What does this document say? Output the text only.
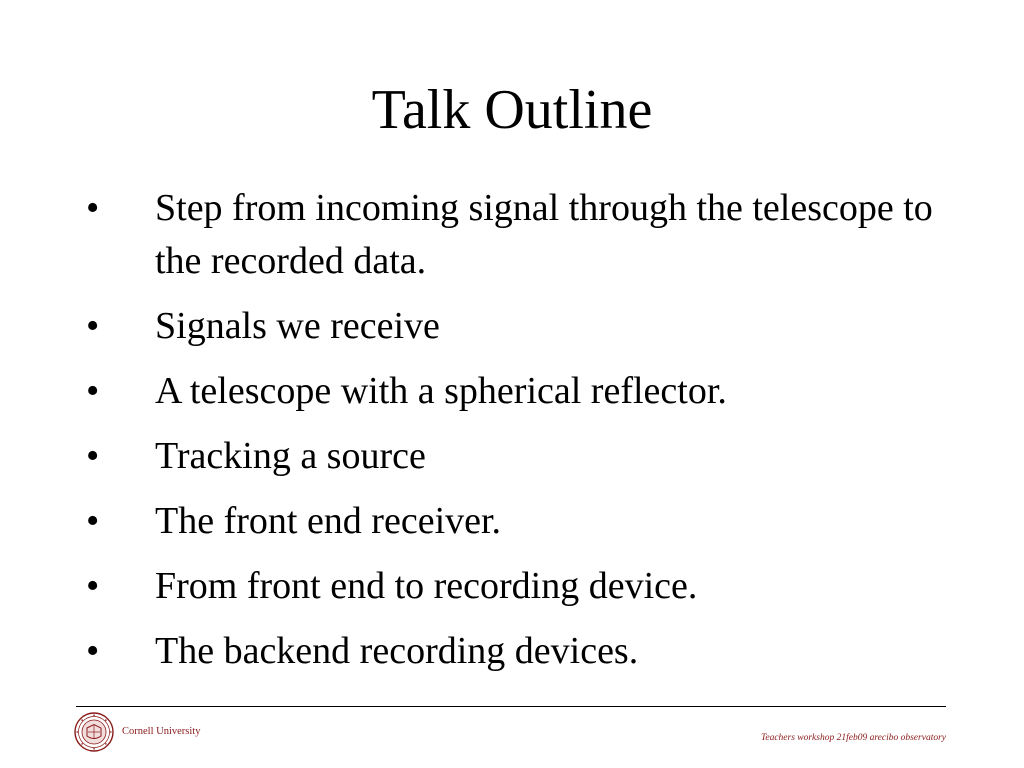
Talk Outline
• Step from incoming signal through the telescope to the recorded data.
• Signals we receive
• A telescope with a spherical reflector.
• Tracking a source
• The front end receiver.
• From front end to recording device.
• The backend recording devices.
Cornell University
Teachers workshop 21feb09 arecibo observatory
